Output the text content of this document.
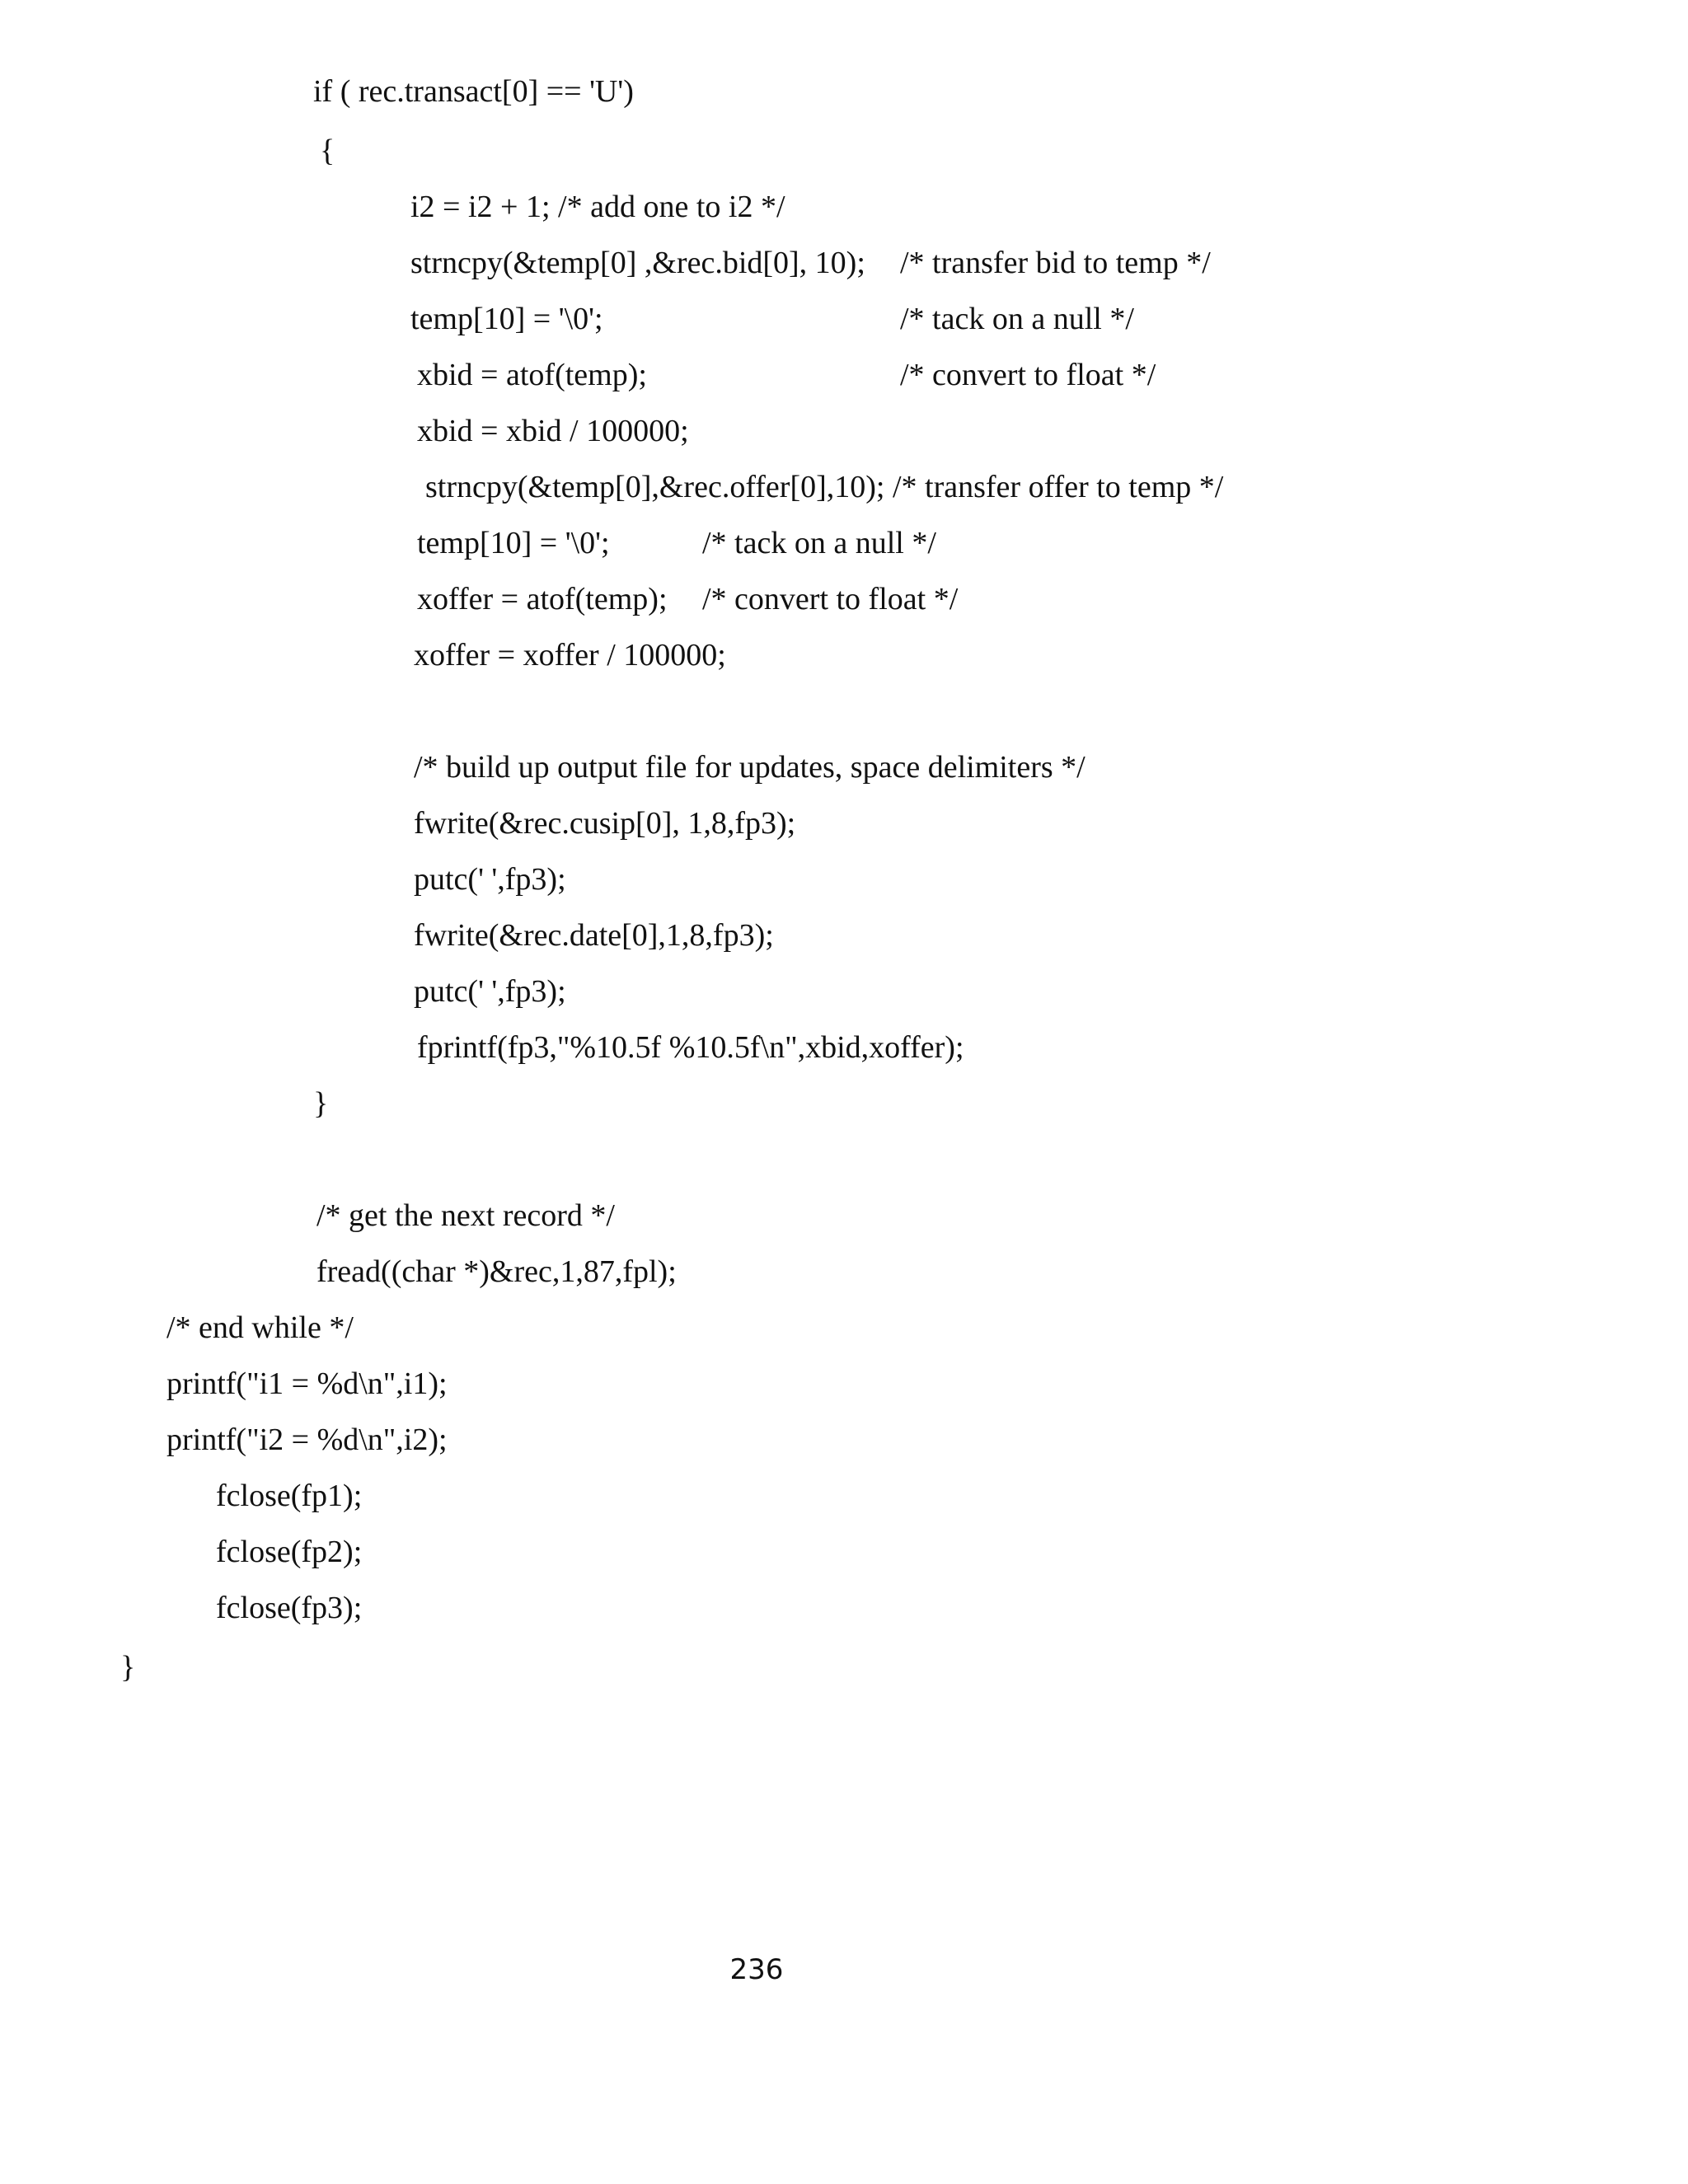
if ( rec.transact[0] == 'U')
{
i2 = i2 + 1; /* add one to i2 */
strncpy(&temp[0] ,&rec.bid[0], 10); /* transfer bid to temp */
temp[10] = '\0';	/* tack on a null */
xbid = atof(temp);	/* convert to float */
xbid = xbid / 100000;
strncpy(&temp[0],&rec.offer[0],10); /* transfer offer to temp */
temp[10] = '\0';	/* tack on a null */
xoffer = atof(temp); /* convert to float */
xoffer = xoffer / 100000;
/* build up output file for updates, space delimiters */
fwrite(&rec.cusip[0], 1,8,fp3);
putc(' ',fp3);
fwrite(&rec.date[0],1,8,fp3);
putc(' ',fp3);
fprintf(fp3,"%10.5f %10.5f\n",xbid,xoffer);
}
/* get the next record */
fread((char *)&rec,1,87,fpl);
/* end while */
printf("i1 = %d\n",i1);
printf("i2 = %d\n",i2);
fclose(fp1);
fclose(fp2);
fclose(fp3);
}
236
